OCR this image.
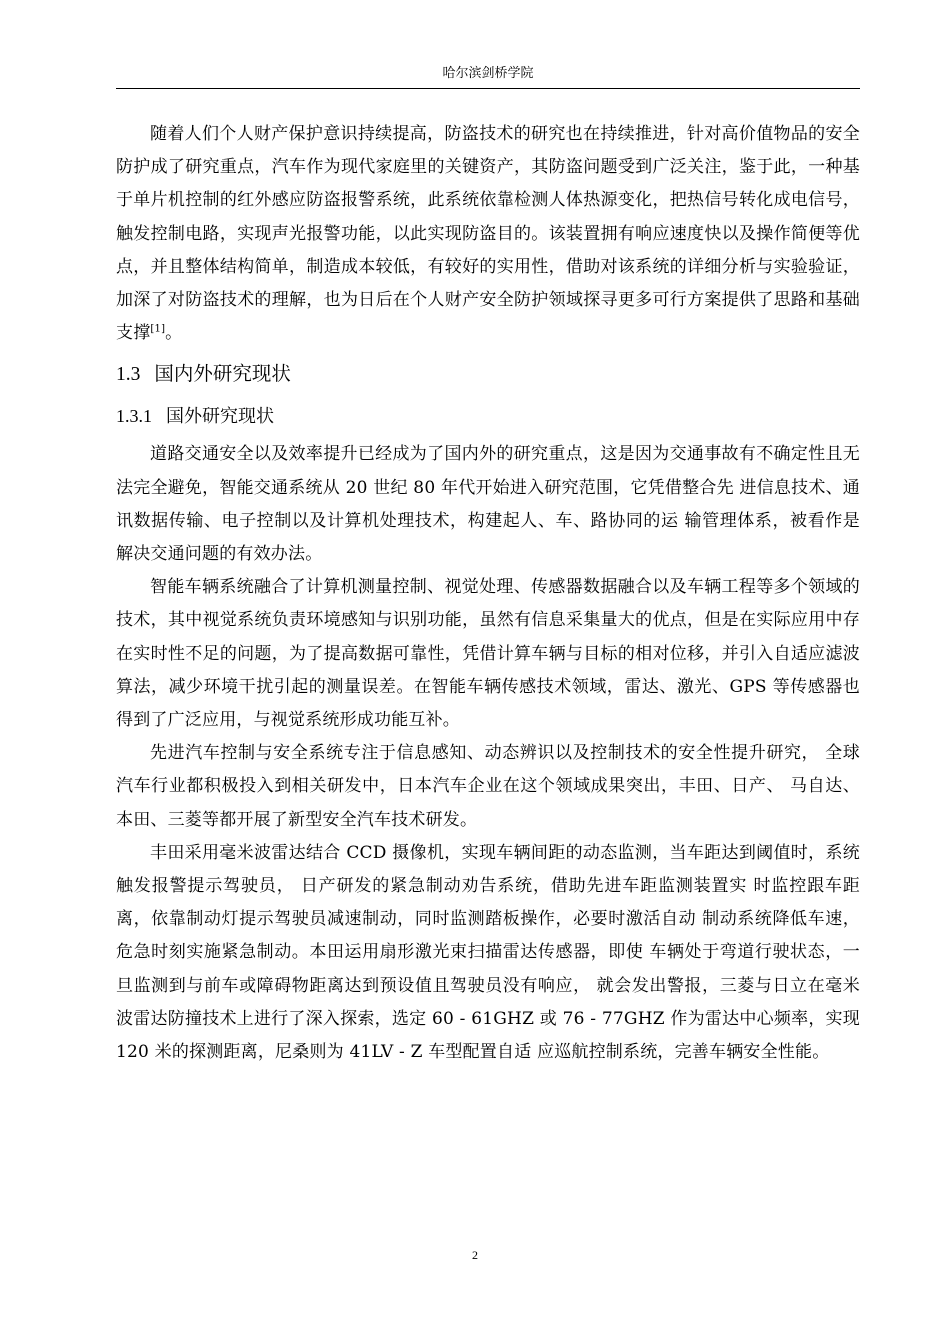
哈尔滨剑桥学院

随着人们个人财产保护意识持续提高，防盗技术的研究也在持续推进，针对高价值物品的安全防护成了研究重点，汽车作为现代家庭里的关键资产，其防盗问题受到广泛关注，鉴于此，一种基于单片机控制的红外感应防盗报警系统，此系统依靠检测人体热源变化，把热信号转化成电信号，触发控制电路，实现声光报警功能，以此实现防盗目的。该装置拥有响应速度快以及操作简便等优点，并且整体结构简单，制造成本较低，有较好的实用性，借助对该系统的详细分析与实验验证，加深了对防盗技术的理解，也为日后在个人财产安全防护领域探寻更多可行方案提供了思路和基础支撑[1]。

1.3 国内外研究现状
1.3.1 国外研究现状

道路交通安全以及效率提升已经成为了国内外的研究重点，这是因为交通事故有不确定性且无法完全避免，智能交通系统从 20 世纪 80 年代开始进入研究范围，它凭借整合先 进信息技术、通讯数据传输、电子控制以及计算机处理技术，构建起人、车、路协同的运 输管理体系，被看作是解决交通问题的有效办法。

智能车辆系统融合了计算机测量控制、视觉处理、传感器数据融合以及车辆工程等多个领域的技术，其中视觉系统负责环境感知与识别功能，虽然有信息采集量大的优点，但是在实际应用中存在实时性不足的问题，为了提高数据可靠性，凭借计算车辆与目标的相对位移，并引入自适应滤波算法，减少环境干扰引起的测量误差。在智能车辆传感技术领域，雷达、激光、GPS 等传感器也得到了广泛应用，与视觉系统形成功能互补。

先进汽车控制与安全系统专注于信息感知、动态辨识以及控制技术的安全性提升研究， 全球汽车行业都积极投入到相关研发中，日本汽车企业在这个领域成果突出，丰田、日产、 马自达、本田、三菱等都开展了新型安全汽车技术研发。

丰田采用毫米波雷达结合 CCD 摄像机，实现车辆间距的动态监测，当车距达到阈值时，系统触发报警提示驾驶员， 日产研发的紧急制动劝告系统，借助先进车距监测装置实 时监控跟车距离，依靠制动灯提示驾驶员减速制动，同时监测踏板操作，必要时激活自动 制动系统降低车速，危急时刻实施紧急制动。本田运用扇形激光束扫描雷达传感器，即使 车辆处于弯道行驶状态，一旦监测到与前车或障碍物距离达到预设值且驾驶员没有响应， 就会发出警报，三菱与日立在毫米波雷达防撞技术上进行了深入探索，选定 60 - 61GHZ 或 76 - 77GHZ 作为雷达中心频率，实现 120 米的探测距离，尼桑则为 41LV - Z 车型配置自适 应巡航控制系统，完善车辆安全性能。

2
